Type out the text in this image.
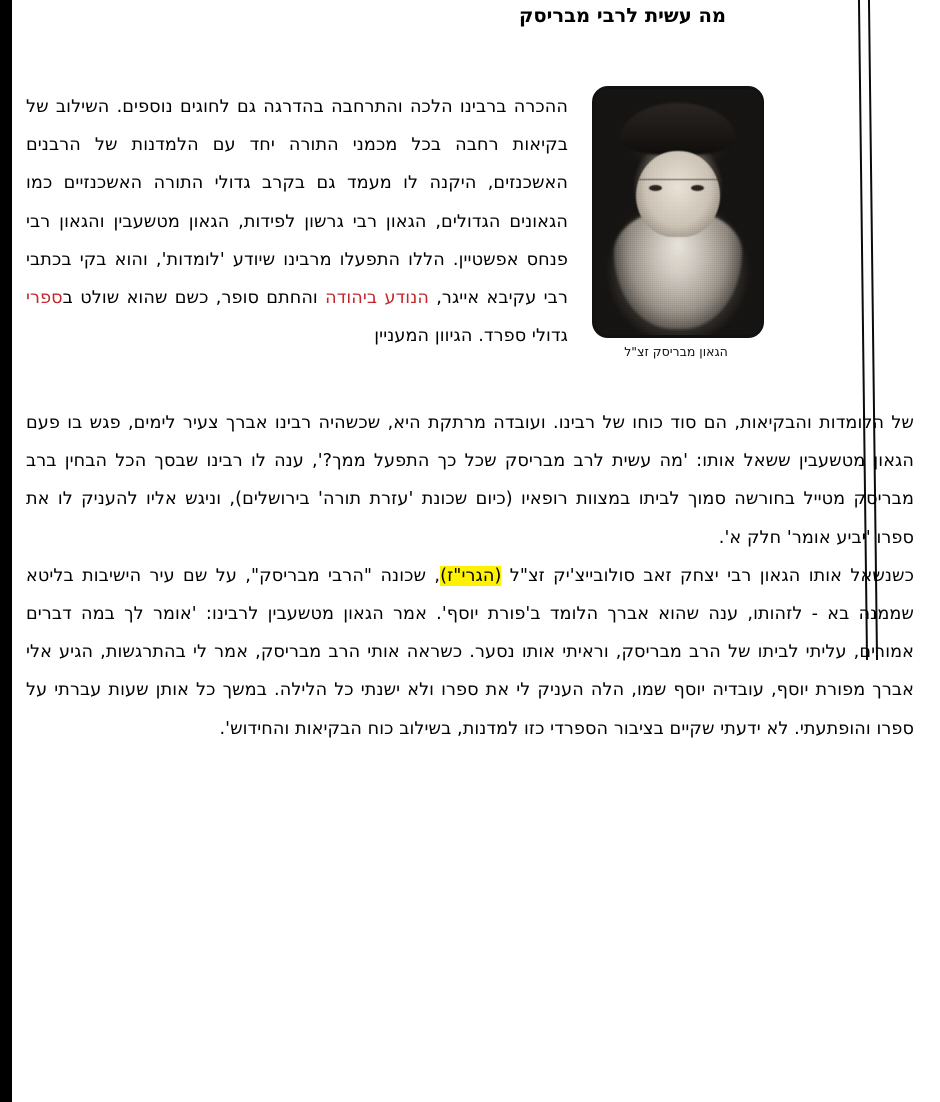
מה עשית לרבי מבריסק
הגאון מבריסק זצ"ל
ההכרה ברבינו הלכה והתרחבה בהדרגה גם לחוגים נוספים. השילוב של בקיאות רחבה בכל מכמני התורה יחד עם הלמדנות של הרבנים האשכנזים, היקנה לו מעמד גם בקרב גדולי התורה האשכנזיים כמו הגאונים הגדולים, הגאון רבי גרשון לפידות, הגאון מטשעבין והגאון רבי פנחס אפשטיין. הללו התפעלו מרבינו שיודע 'לומדות', והוא בקי בכתבי רבי עקיבא אייגר, הנודע ביהודה והחתם סופר, כשם שהוא שולט בספרי גדולי ספרד. הגיוון המעניין
של הלומדות והבקיאות, הם סוד כוחו של רבינו. ועובדה מרתקת היא, שכשהיה רבינו אברך צעיר לימים, פגש בו פעם הגאון מטשעבין ששאל אותו: 'מה עשית לרב מבריסק שכל כך התפעל ממך?', ענה לו רבינו שבסך הכל הבחין ברב מבריסק מטייל בחורשה סמוך לביתו במצוות רופאיו (כיום שכונת 'עזרת תורה' בירושלים), וניגש אליו להעניק לו את ספרו 'יביע אומר' חלק א'.
כשנשאל אותו הגאון רבי יצחק זאב סולובייצ'יק זצ"ל (הגרי"ז), שכונה "הרבי מבריסק", על שם עיר הישיבות בליטא שממנה בא - לזהותו, ענה שהוא אברך הלומד ב'פורת יוסף'. אמר הגאון מטשעבין לרבינו: 'אומר לך במה דברים אמורים, עליתי לביתו של הרב מבריסק, וראיתי אותו נסער. כשראה אותי הרב מבריסק, אמר לי בהתרגשות, הגיע אלי אברך מפורת יוסף, עובדיה יוסף שמו, הלה העניק לי את ספרו ולא ישנתי כל הלילה. במשך כל אותן שעות עברתי על ספרו והופתעתי. לא ידעתי שקיים בציבור הספרדי כזו למדנות, בשילוב כוח הבקיאות והחידוש'.
